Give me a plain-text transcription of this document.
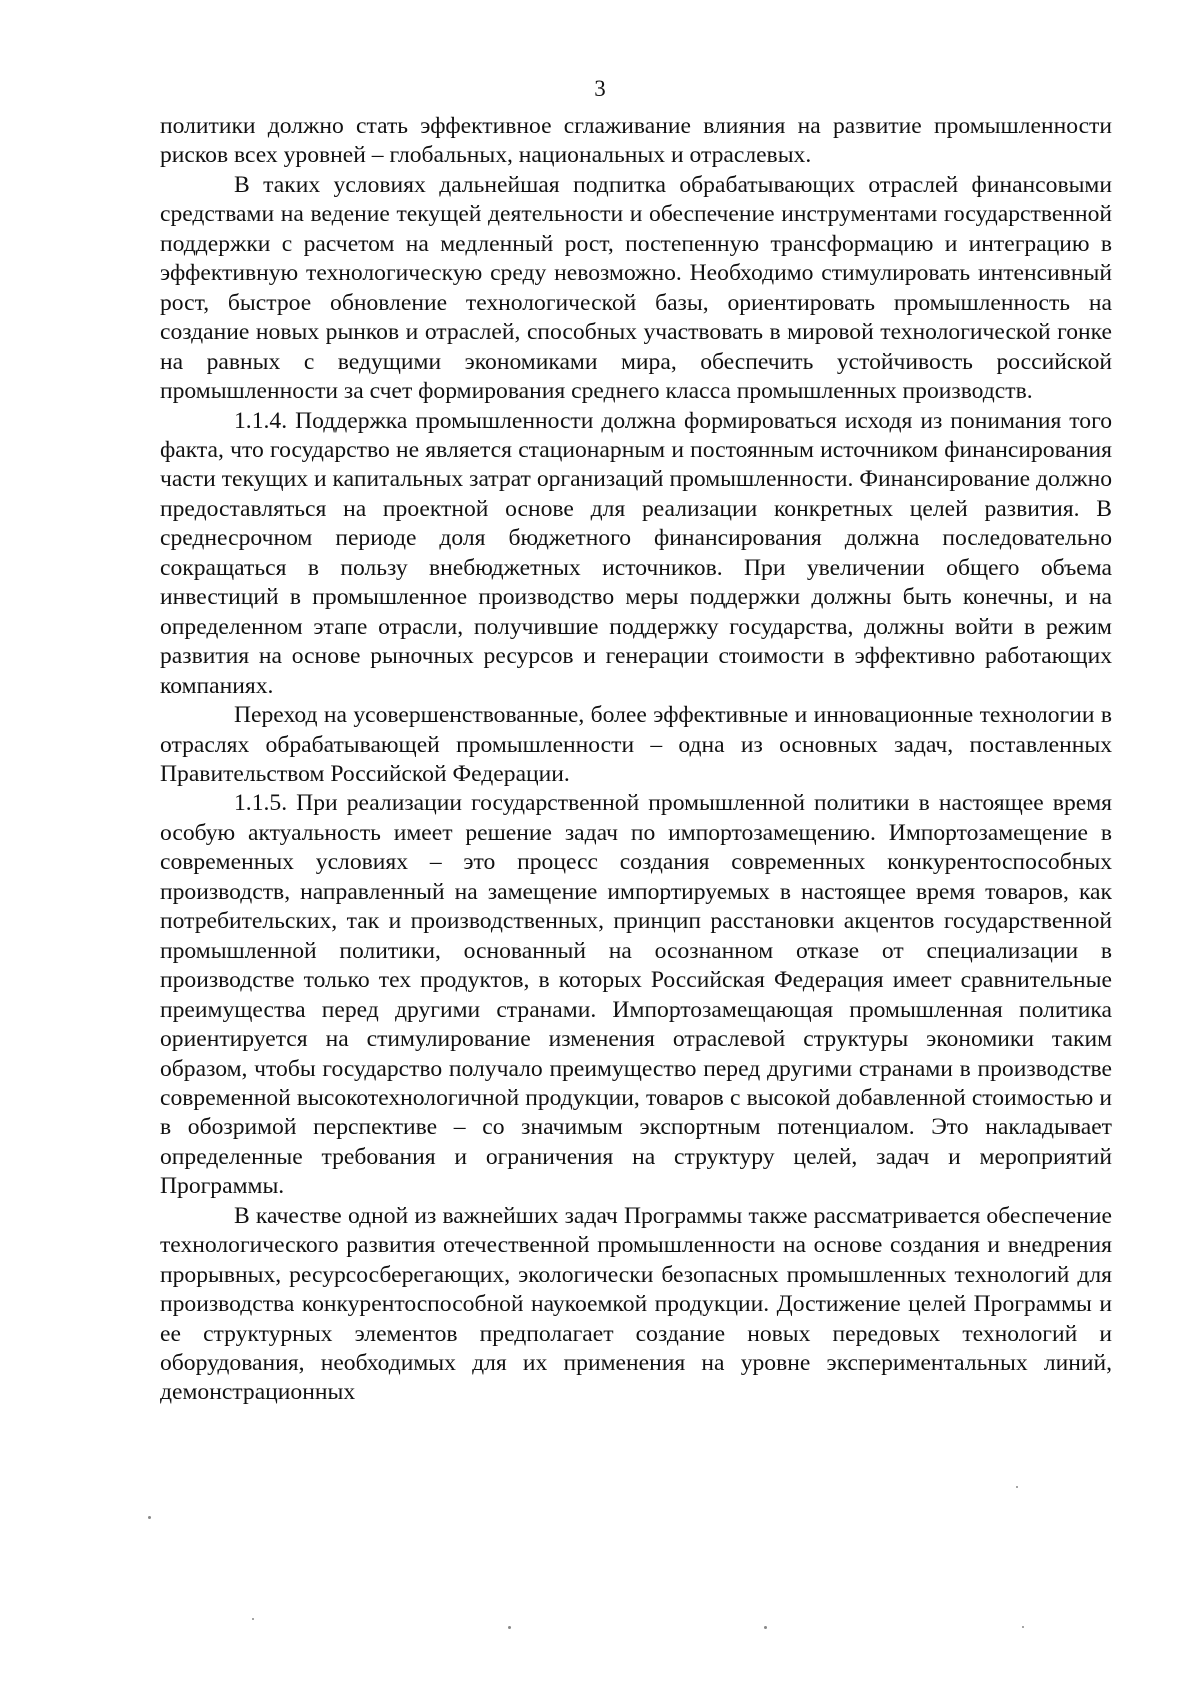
3

политики должно стать эффективное сглаживание влияния на развитие промышленности рисков всех уровней – глобальных, национальных и отраслевых.

В таких условиях дальнейшая подпитка обрабатывающих отраслей финансовыми средствами на ведение текущей деятельности и обеспечение инструментами государственной поддержки с расчетом на медленный рост, постепенную трансформацию и интеграцию в эффективную технологическую среду невозможно. Необходимо стимулировать интенсивный рост, быстрое обновление технологической базы, ориентировать промышленность на создание новых рынков и отраслей, способных участвовать в мировой технологической гонке на равных с ведущими экономиками мира, обеспечить устойчивость российской промышленности за счет формирования среднего класса промышленных производств.

1.1.4. Поддержка промышленности должна формироваться исходя из понимания того факта, что государство не является стационарным и постоянным источником финансирования части текущих и капитальных затрат организаций промышленности. Финансирование должно предоставляться на проектной основе для реализации конкретных целей развития. В среднесрочном периоде доля бюджетного финансирования должна последовательно сокращаться в пользу внебюджетных источников. При увеличении общего объема инвестиций в промышленное производство меры поддержки должны быть конечны, и на определенном этапе отрасли, получившие поддержку государства, должны войти в режим развития на основе рыночных ресурсов и генерации стоимости в эффективно работающих компаниях.

Переход на усовершенствованные, более эффективные и инновационные технологии в отраслях обрабатывающей промышленности – одна из основных задач, поставленных Правительством Российской Федерации.

1.1.5. При реализации государственной промышленной политики в настоящее время особую актуальность имеет решение задач по импортозамещению. Импортозамещение в современных условиях – это процесс создания современных конкурентоспособных производств, направленный на замещение импортируемых в настоящее время товаров, как потребительских, так и производственных, принцип расстановки акцентов государственной промышленной политики, основанный на осознанном отказе от специализации в производстве только тех продуктов, в которых Российская Федерация имеет сравнительные преимущества перед другими странами. Импортозамещающая промышленная политика ориентируется на стимулирование изменения отраслевой структуры экономики таким образом, чтобы государство получало преимущество перед другими странами в производстве современной высокотехнологичной продукции, товаров с высокой добавленной стоимостью и в обозримой перспективе – со значимым экспортным потенциалом. Это накладывает определенные требования и ограничения на структуру целей, задач и мероприятий Программы.

В качестве одной из важнейших задач Программы также рассматривается обеспечение технологического развития отечественной промышленности на основе создания и внедрения прорывных, ресурсосберегающих, экологически безопасных промышленных технологий для производства конкурентоспособной наукоемкой продукции. Достижение целей Программы и ее структурных элементов предполагает создание новых передовых технологий и оборудования, необходимых для их применения на уровне экспериментальных линий, демонстрационных
